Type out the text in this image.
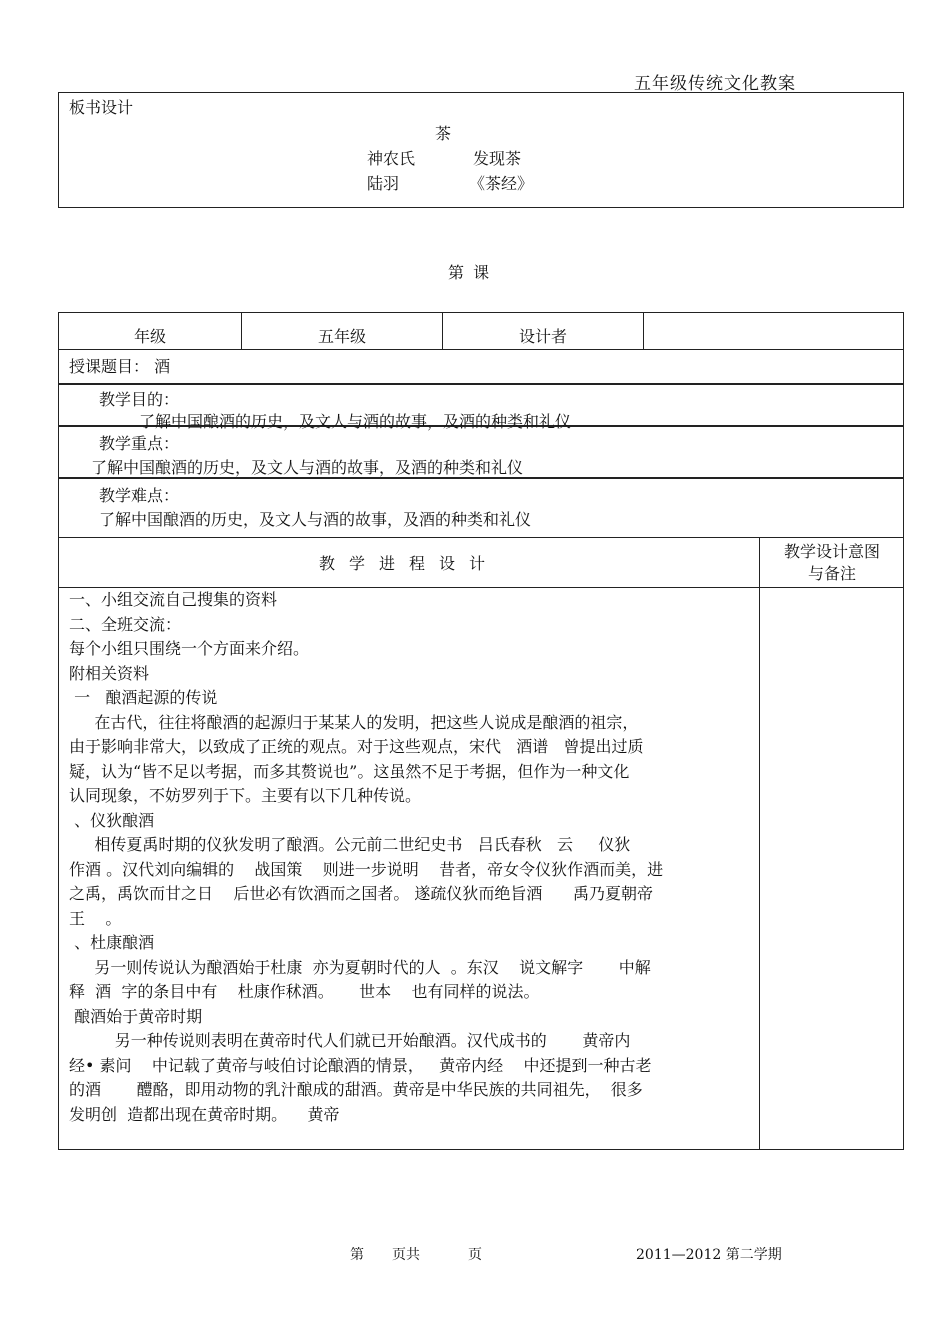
五年级传统文化教案
板书设计
茶
神农氏	发现茶
陆羽	《茶经》
第 课
年级	五年级	设计者
授课题目： 酒
教学目的：
了解中国酿酒的历史，及文人与酒的故事，及酒的种类和礼仪
教学重点：
了解中国酿酒的历史，及文人与酒的故事，及酒的种类和礼仪
教学难点：
了解中国酿酒的历史，及文人与酒的故事，及酒的种类和礼仪
教学进程设计
教学设计意图
与备注

一、小组交流自己搜集的资料

二、全班交流：

每个小组只围绕一个方面来介绍。

附相关资料

一   酿酒起源的传说

在古代，往往将酿酒的起源归于某某人的发明，把这些人说成是酿酒的祖宗，

由于影响非常大，以致成了正统的观点。对于这些观点，宋代   酒谱   曾提出过质

疑，认为“皆不足以考据，而多其赘说也”。这虽然不足于考据，但作为一种文化

认同现象，不妨罗列于下。主要有以下几种传说。

、仪狄酿酒

相传夏禹时期的仪狄发明了酿酒。公元前二世纪史书   吕氏春秋   云     仪狄

作酒 。汉代刘向编辑的    战国策    则进一步说明    昔者，帝女令仪狄作酒而美，进

之禹，禹饮而甘之日    后世必有饮酒而之国者。 遂疏仪狄而绝旨酒      禹乃夏朝帝

王    。

、杜康酿酒

另一则传说认为酿酒始于杜康  亦为夏朝时代的人  。东汉    说文解字       中解

释  酒  字的条目中有    杜康作秫酒。     世本    也有同样的说法。

酿酒始于黄帝时期

另一种传说则表明在黄帝时代人们就已开始酿酒。汉代成书的       黄帝内

经• 素问    中记载了黄帝与岐伯讨论酿酒的情景，   黄帝内经    中还提到一种古老

的酒       醴酪，即用动物的乳汁酿成的甜酒。黄帝是中华民族的共同祖先，  很多

发明创  造都出现在黄帝时期。    黄帝

第 页共	页	2011—2012 第二学期
